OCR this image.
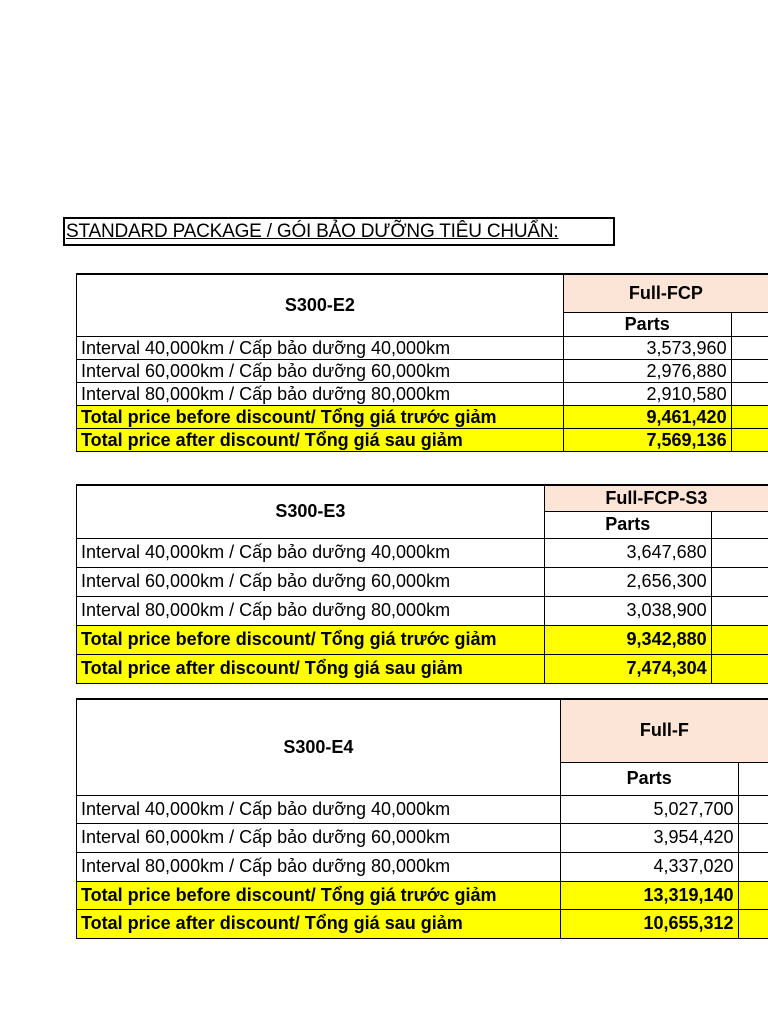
STANDARD PACKAGE / GÓI BẢO DƯỠNG TIÊU CHUẨN:
S300-E2	Full-FCP	
	Parts	
Interval 40,000km / Cấp bảo dưỡng 40,000km	3,573,960	
Interval 60,000km / Cấp bảo dưỡng 60,000km	2,976,880	
Interval 80,000km / Cấp bảo dưỡng 80,000km	2,910,580	
Total price before discount/ Tổng giá trước giảm	9,461,420	
Total price after discount/ Tổng giá sau giảm	7,569,136	
S300-E3	Full-FCP-S3	
	Parts	
Interval 40,000km / Cấp bảo dưỡng 40,000km	3,647,680	
Interval 60,000km / Cấp bảo dưỡng 60,000km	2,656,300	
Interval 80,000km / Cấp bảo dưỡng 80,000km	3,038,900	
Total price before discount/ Tổng giá trước giảm	9,342,880	
Total price after discount/ Tổng giá sau giảm	7,474,304	
S300-E4	Full-F	
	Parts	
Interval 40,000km / Cấp bảo dưỡng 40,000km	5,027,700	
Interval 60,000km / Cấp bảo dưỡng 60,000km	3,954,420	
Interval 80,000km / Cấp bảo dưỡng 80,000km	4,337,020	
Total price before discount/ Tổng giá trước giảm	13,319,140	
Total price after discount/ Tổng giá sau giảm	10,655,312	
